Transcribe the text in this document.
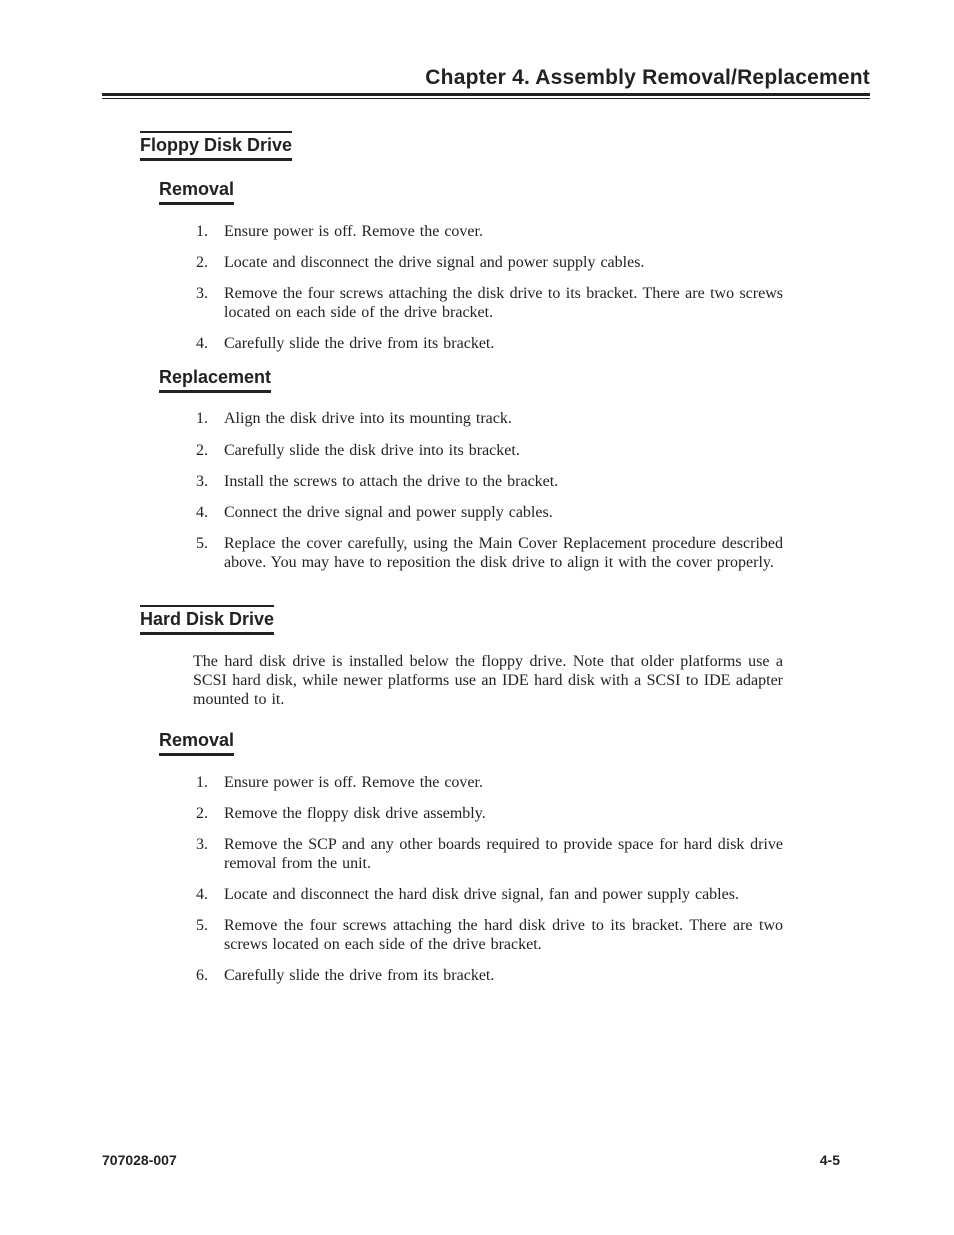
Chapter 4. Assembly Removal/Replacement
Floppy Disk Drive
Removal
1. Ensure power is off. Remove the cover.
2. Locate and disconnect the drive signal and power supply cables.
3. Remove the four screws attaching the disk drive to its bracket. There are two screws located on each side of the drive bracket.
4. Carefully slide the drive from its bracket.
Replacement
1. Align the disk drive into its mounting track.
2. Carefully slide the disk drive into its bracket.
3. Install the screws to attach the drive to the bracket.
4. Connect the drive signal and power supply cables.
5. Replace the cover carefully, using the Main Cover Replacement procedure described above. You may have to reposition the disk drive to align it with the cover properly.
Hard Disk Drive

The hard disk drive is installed below the floppy drive. Note that older platforms use a SCSI hard disk, while newer platforms use an IDE hard disk with a SCSI to IDE adapter mounted to it.

Removal
1. Ensure power is off. Remove the cover.
2. Remove the floppy disk drive assembly.
3. Remove the SCP and any other boards required to provide space for hard disk drive removal from the unit.
4. Locate and disconnect the hard disk drive signal, fan and power supply cables.
5. Remove the four screws attaching the hard disk drive to its bracket. There are two screws located on each side of the drive bracket.
6. Carefully slide the drive from its bracket.
707028-007	4-5
